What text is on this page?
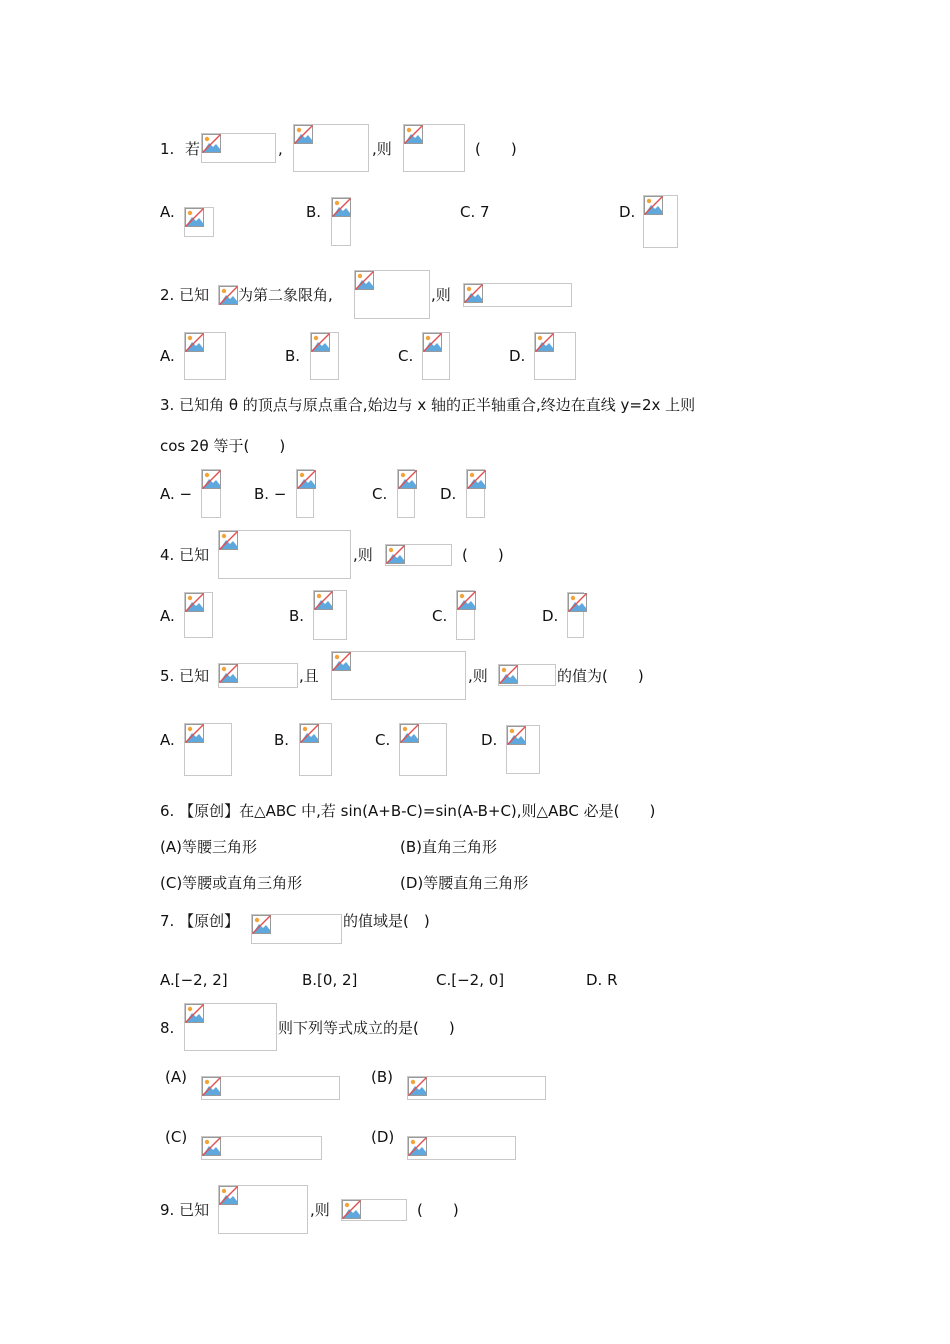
1. 若	,	,则	(　　)
A.	B.	C. 7	D.
2. 已知 为第二象限角,	,则
A.	B.	C.	D.
3. 已知角 θ 的顶点与原点重合,始边与 x 轴的正半轴重合,终边在直线 y=2x 上则
cos 2θ 等于(　　)
A. −	B. −	C.	D.
4. 已知	,则	(　　)
A.	B.	C.	D.
5. 已知	,且	,则	的值为(　　)
A.	B.	C.	D.
6. 【原创】在△ABC 中,若 sin(A+B-C)=sin(A-B+C),则△ABC 必是(　　)
(A)等腰三角形	(B)直角三角形
(C)等腰或直角三角形	(D)等腰直角三角形
7. 【原创】	的值域是(　)
A.[−2, 2]	B.[0, 2]	C.[−2, 0]	D. R
8.	则下列等式成立的是(　　)
(A)	(B)
(C)	(D)
9. 已知	,则	(　　)
